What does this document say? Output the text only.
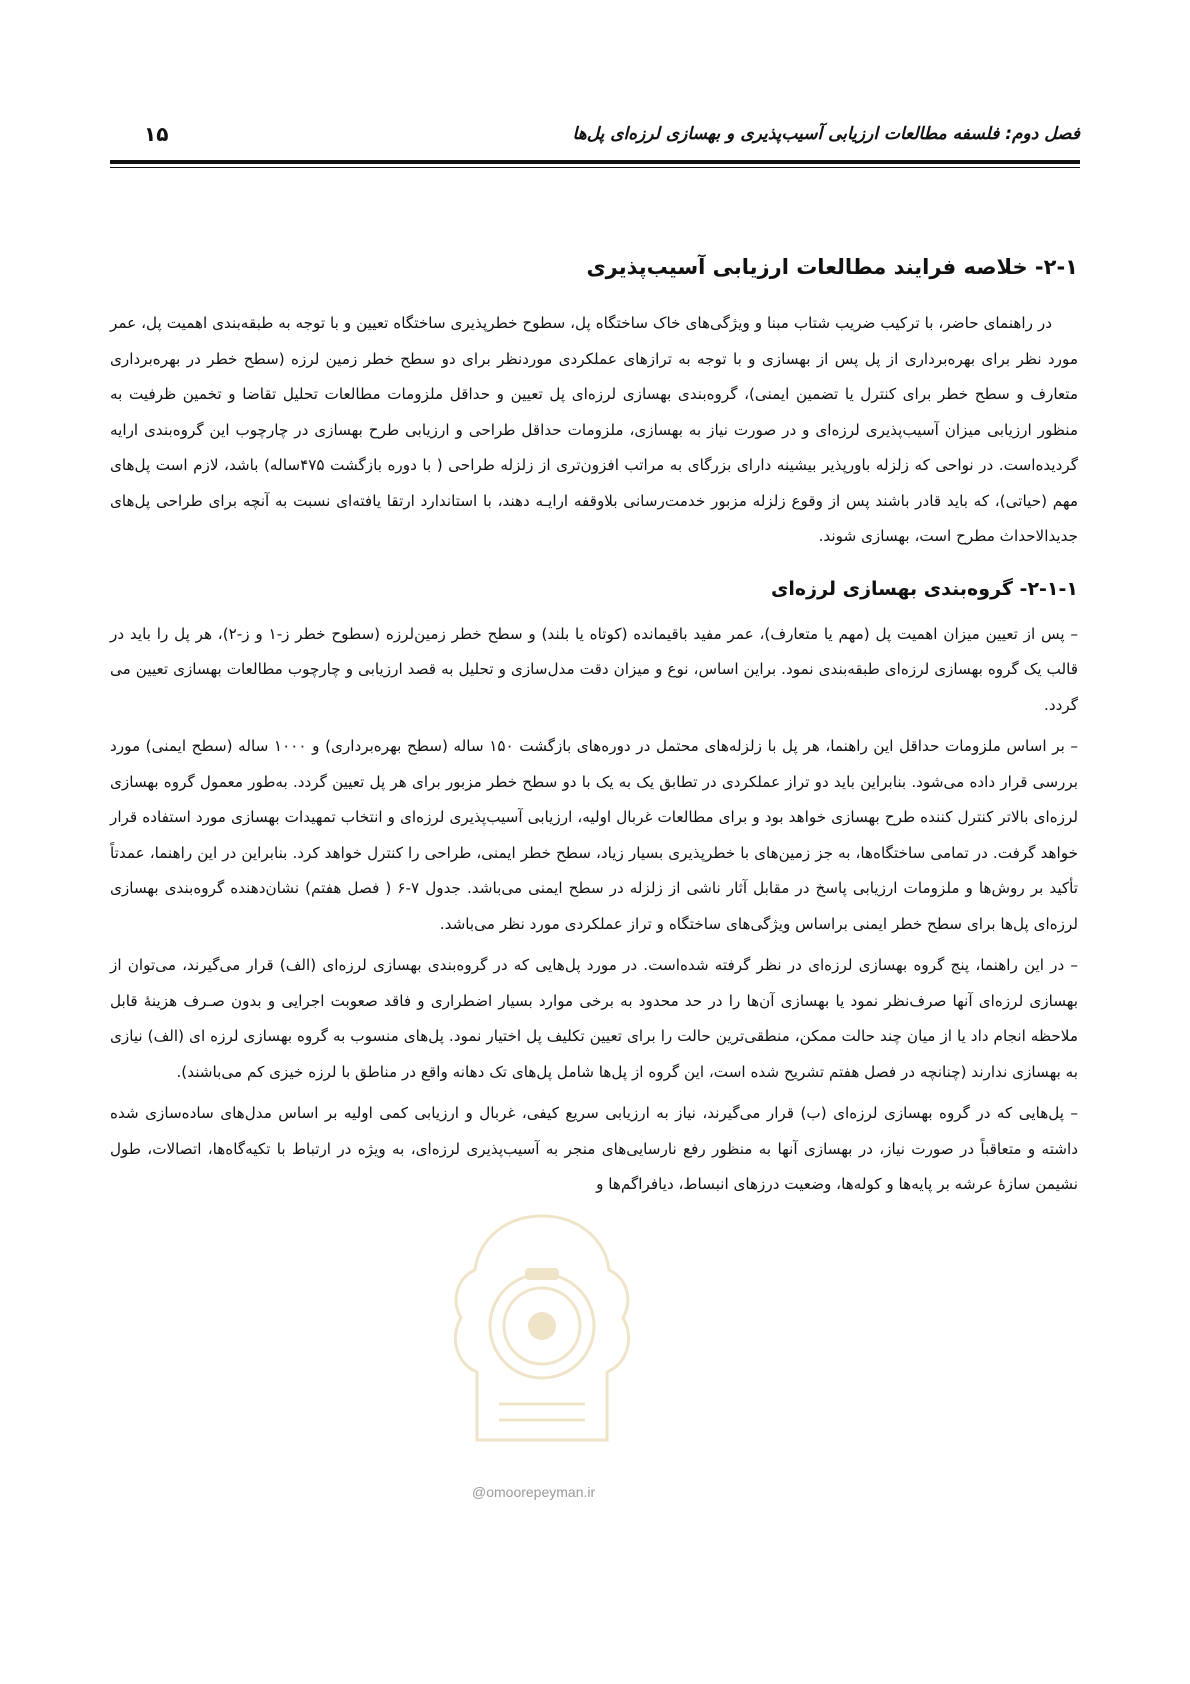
فصل دوم: فلسفه مطالعات ارزیابی آسیب‌پذیری و بهسازی لرزه‌ای پل‌ها
۱۵
۲-۱- خلاصه فرایند مطالعات ارزیابی آسیب‌پذیری

در راهنمای حاضر، با ترکیب ضریب شتاب مبنا و ویژگی‌های خاک ساختگاه پل، سطوح خطرپذیری ساختگاه تعیین و با توجه به طبقه‌بندی اهمیت پل، عمر مورد نظر برای بهره‌برداری از پل پس از بهسازی و با توجه به ترازهای عملکردی موردنظر برای دو سطح خطر زمین لرزه (سطح خطر در بهره‌برداری متعارف و سطح خطر برای کنترل یا تضمین ایمنی)، گروه‌بندی بهسازی لرزه‌ای پل تعیین و حداقل ملزومات مطالعات تحلیل تقاضا و تخمین ظرفیت به منظور ارزیابی میزان آسیب‌پذیری لرزه‌ای و در صورت نیاز به بهسازی، ملزومات حداقل طراحی و ارزیابی طرح بهسازی در چارچوب این گروه‌بندی ارایه گردیده‌است. در نواحی که زلزله باورپذیر بیشینه دارای بزرگای به مراتب افزون‌تری از زلزله طراحی ( با دوره بازگشت ۴۷۵ساله) باشد، لازم است پل‌های مهم (حیاتی)، که باید قادر باشند پس از وقوع زلزله مزبور خدمت‌رسانی بلاوقفه ارایـه دهند، با استاندارد ارتقا یافته‌ای نسبت به آنچه برای طراحی پل‌های جدیدالاحداث مطرح است، بهسازی شوند.

۲-۱-۱- گروه‌بندی بهسازی لرزه‌ای

– پس از تعیین میزان اهمیت پل (مهم یا متعارف)، عمر مفید باقیمانده (کوتاه یا بلند) و سطح خطر زمین‌لرزه (سطوح خطر ز-۱ و ز-۲)، هر پل را باید در قالب یک گروه بهسازی لرزه‌ای طبقه‌بندی نمود. براین اساس، نوع و میزان دقت مدل‌سازی و تحلیل به قصد ارزیابی و چارچوب مطالعات بهسازی تعیین می گردد.

– بر اساس ملزومات حداقل این راهنما، هر پل با زلزله‌های محتمل در دوره‌های بازگشت ۱۵۰ ساله (سطح بهره‌برداری) و ۱۰۰۰ ساله (سطح ایمنی) مورد بررسی قرار داده می‌شود. بنابراین باید دو تراز عملکردی در تطابق یک به یک با دو سطح خطر مزبور برای هر پل تعیین گردد. به‌طور معمول گروه بهسازی لرزه‌ای بالاتر کنترل کننده طرح بهسازی خواهد بود و برای مطالعات غربال اولیه، ارزیابی آسیب‌پذیری لرزه‌ای و انتخاب تمهیدات بهسازی مورد استفاده قرار خواهد گرفت. در تمامی ساختگاه‌ها، به جز زمین‌های با خطرپذیری بسیار زیاد، سطح خطر ایمنی، طراحی را کنترل خواهد کرد. بنابراین در این راهنما، عمدتاً تأکید بر روش‌ها و ملزومات ارزیابی پاسخ در مقابل آثار ناشی از زلزله در سطح ایمنی می‌باشد. جدول ۷-۶ ( فصل هفتم) نشان‌دهنده گروه‌بندی بهسازی لرزه‌ای پل‌ها برای سطح خطر ایمنی براساس ویژگی‌های ساختگاه و تراز عملکردی مورد نظر می‌باشد.

– در این راهنما، پنج گروه بهسازی لرزه‌ای در نظر گرفته شده‌است. در مورد پل‌هایی که در گروه‌بندی بهسازی لرزه‌ای (الف) قرار می‌گیرند، می‌توان از بهسازی لرزه‌ای آنها صرف‌نظر نمود یا بهسازی آن‌ها را در حد محدود به برخی موارد بسیار اضطراری و فاقد صعوبت اجرایی و بدون صـرف هزینهٔ قابل ملاحظه انجام داد یا از میان چند حالت ممکن، منطقی‌ترین حالت را برای تعیین تکلیف پل اختیار نمود. پل‌های منسوب به گروه بهسازی لرزه ای (الف) نیازی به بهسازی ندارند (چنانچه در فصل هفتم تشریح شده است، این گروه از پل‌ها شامل پل‌های تک دهانه واقع در مناطق با لرزه خیزی کم می‌باشند).

– پل‌هایی که در گروه بهسازی لرزه‌ای (ب) قرار می‌گیرند، نیاز به ارزیابی سریع کیفی، غربال و ارزیابی کمی اولیه بر اساس مدل‌های ساده‌سازی شده داشته و متعاقباً در صورت نیاز، در بهسازی آنها به منظور رفع نارسایی‌های منجر به آسیب‌پذیری لرزه‌ای، به ویژه در ارتباط با تکیه‌گاه‌ها، اتصالات، طول نشیمن سازهٔ عرشه بر پایه‌ها و کوله‌ها، وضعیت درزهای انبساط، دیافراگم‌ها و

@omoorepeyman.ir
